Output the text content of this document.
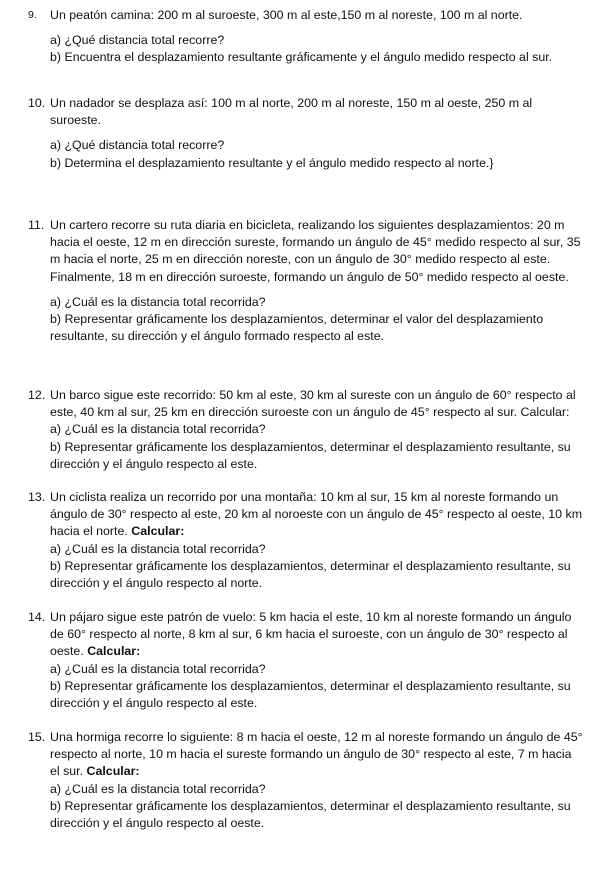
9.	Un peatón camina: 200 m al suroeste, 300 m al este,150 m al noreste, 100 m al norte.

a) ¿Qué distancia total recorre?

b) Encuentra el desplazamiento resultante gráficamente y el ángulo medido respecto al sur.

10. Un nadador se desplaza así: 100 m al norte, 200 m al noreste, 150 m al oeste, 250 m al suroeste.

a) ¿Qué distancia total recorre?

b) Determina el desplazamiento resultante y el ángulo medido respecto al norte.}

11. Un cartero recorre su ruta diaria en bicicleta, realizando los siguientes desplazamientos: 20 m hacia el oeste, 12 m en dirección sureste, formando un ángulo de 45° medido respecto al sur, 35 m hacia el norte, 25 m en dirección noreste, con un ángulo de 30° medido respecto al este. Finalmente, 18 m en dirección suroeste, formando un ángulo de 50° medido respecto al oeste.

a) ¿Cuál es la distancia total recorrida?

b) Representar gráficamente los desplazamientos, determinar el valor del desplazamiento resultante, su dirección y el ángulo formado respecto al este.

12. Un barco sigue este recorrido: 50 km al este, 30 km al sureste con un ángulo de 60° respecto al este, 40 km al sur, 25 km en dirección suroeste con un ángulo de 45° respecto al sur. Calcular:

a) ¿Cuál es la distancia total recorrida?

b) Representar gráficamente los desplazamientos, determinar el desplazamiento resultante, su dirección y el ángulo respecto al este.

13. Un ciclista realiza un recorrido por una montaña: 10 km al sur, 15 km al noreste formando un ángulo de 30° respecto al este, 20 km al noroeste con un ángulo de 45° respecto al oeste, 10 km hacia el norte. Calcular:

a) ¿Cuál es la distancia total recorrida?

b) Representar gráficamente los desplazamientos, determinar el desplazamiento resultante, su dirección y el ángulo respecto al norte.

14. Un pájaro sigue este patrón de vuelo: 5 km hacia el este, 10 km al noreste formando un ángulo de 60° respecto al norte, 8 km al sur, 6 km hacia el suroeste, con un ángulo de 30° respecto al oeste. Calcular:

a) ¿Cuál es la distancia total recorrida?

b) Representar gráficamente los desplazamientos, determinar el desplazamiento resultante, su dirección y el ángulo respecto al este.

15. Una hormiga recorre lo siguiente: 8 m hacia el oeste, 12 m al noreste formando un ángulo de 45° respecto al norte, 10 m hacia el sureste formando un ángulo de 30° respecto al este, 7 m hacia el sur. Calcular:

a) ¿Cuál es la distancia total recorrida?

b) Representar gráficamente los desplazamientos, determinar el desplazamiento resultante, su dirección y el ángulo respecto al oeste.
